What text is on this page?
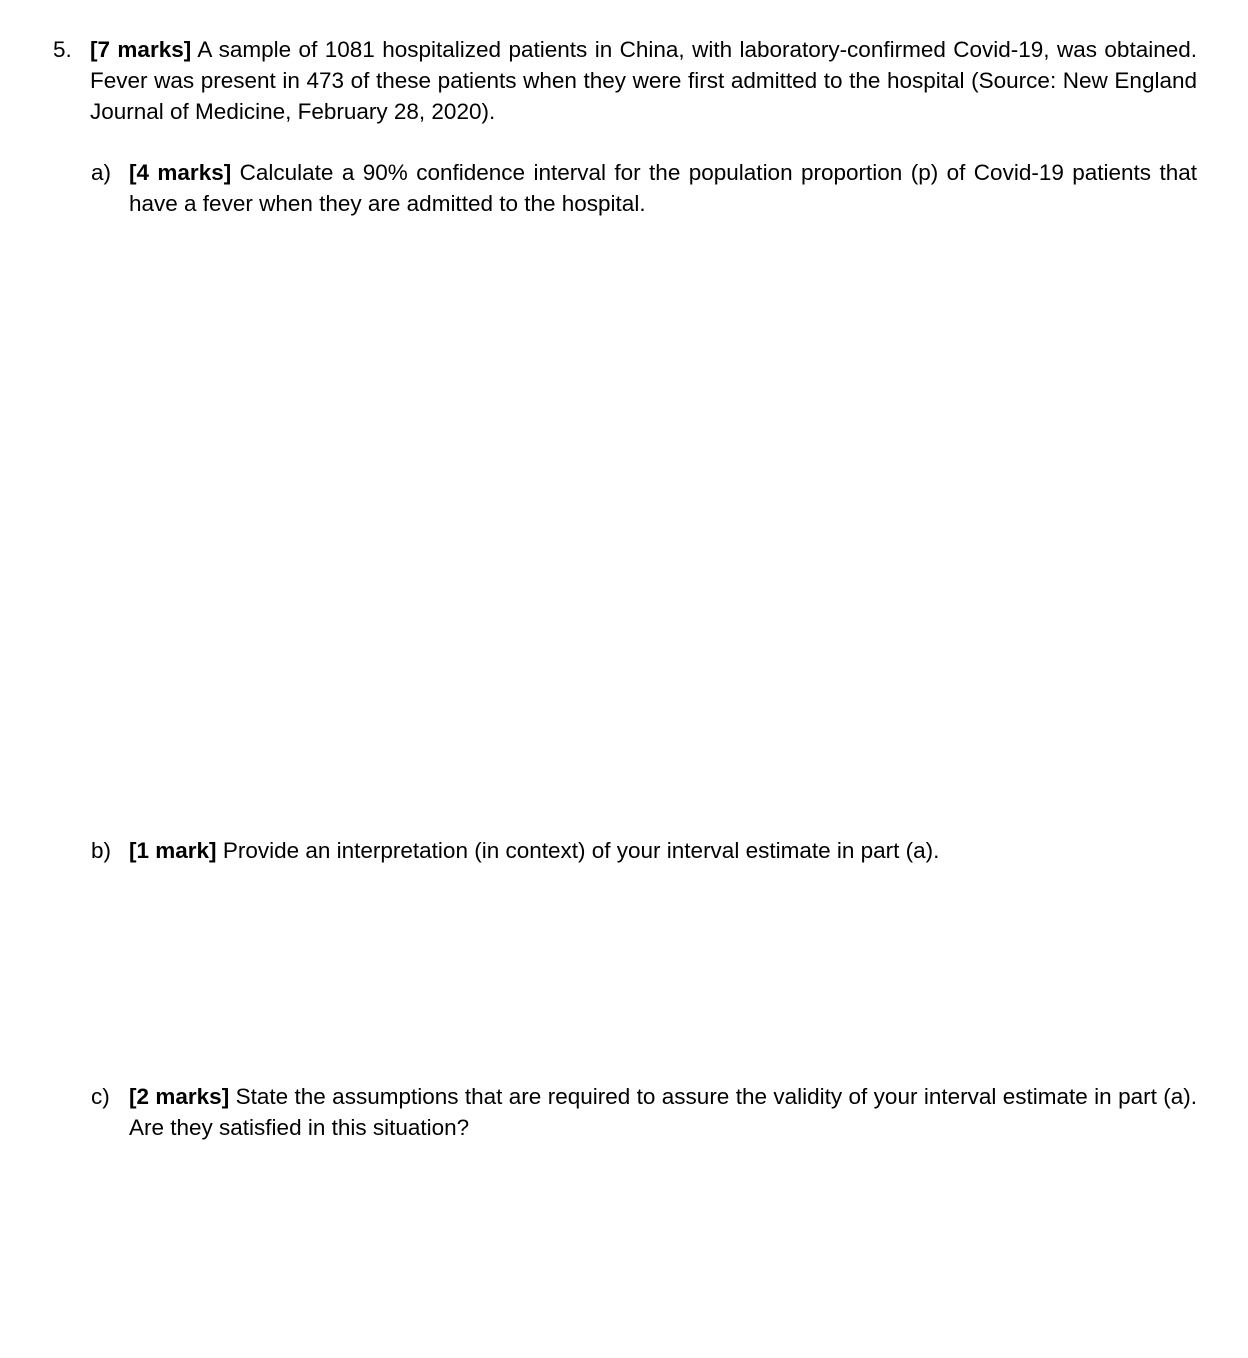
5. [7 marks] A sample of 1081 hospitalized patients in China, with laboratory-confirmed Covid-19, was obtained. Fever was present in 473 of these patients when they were first admitted to the hospital (Source: New England Journal of Medicine, February 28, 2020).
a) [4 marks] Calculate a 90% confidence interval for the population proportion (p) of Covid-19 patients that have a fever when they are admitted to the hospital.
b) [1 mark] Provide an interpretation (in context) of your interval estimate in part (a).
c) [2 marks] State the assumptions that are required to assure the validity of your interval estimate in part (a). Are they satisfied in this situation?
